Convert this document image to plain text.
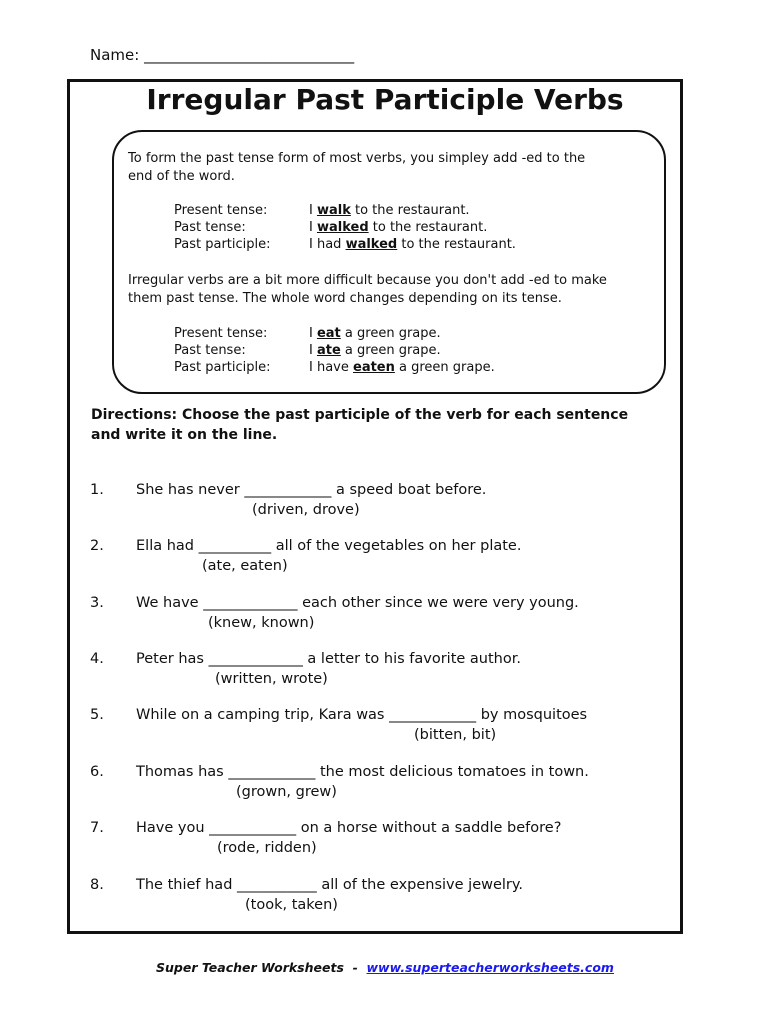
Name: ____________________________
Irregular Past Participle Verbs
To form the past tense form of most verbs, you simpley add -ed to the
end of the word.
Present tense:	I walk to the restaurant.
Past tense:	I walked to the restaurant.
Past participle:	I had walked to the restaurant.
Irregular verbs are a bit more difficult because you don't add -ed to make
them past tense. The whole word changes depending on its tense.
Present tense:	I eat a green grape.
Past tense:	I ate a green grape.
Past participle:	I have eaten a green grape.
Directions: Choose the past participle of the verb for each sentence
and write it on the line.
1. She has never ____________ a speed boat before.
(driven, drove)
2. Ella had __________ all of the vegetables on her plate.
(ate, eaten)
3. We have _____________ each other since we were very young.
(knew, known)
4. Peter has _____________ a letter to his favorite author.
(written, wrote)
5. While on a camping trip, Kara was ____________ by mosquitoes
(bitten, bit)
6. Thomas has ____________ the most delicious tomatoes in town.
(grown, grew)
7. Have you ____________ on a horse without a saddle before?
(rode, ridden)
8. The thief had ___________ all of the expensive jewelry.
(took, taken)
Super Teacher Worksheets  -  www.superteacherworksheets.com
